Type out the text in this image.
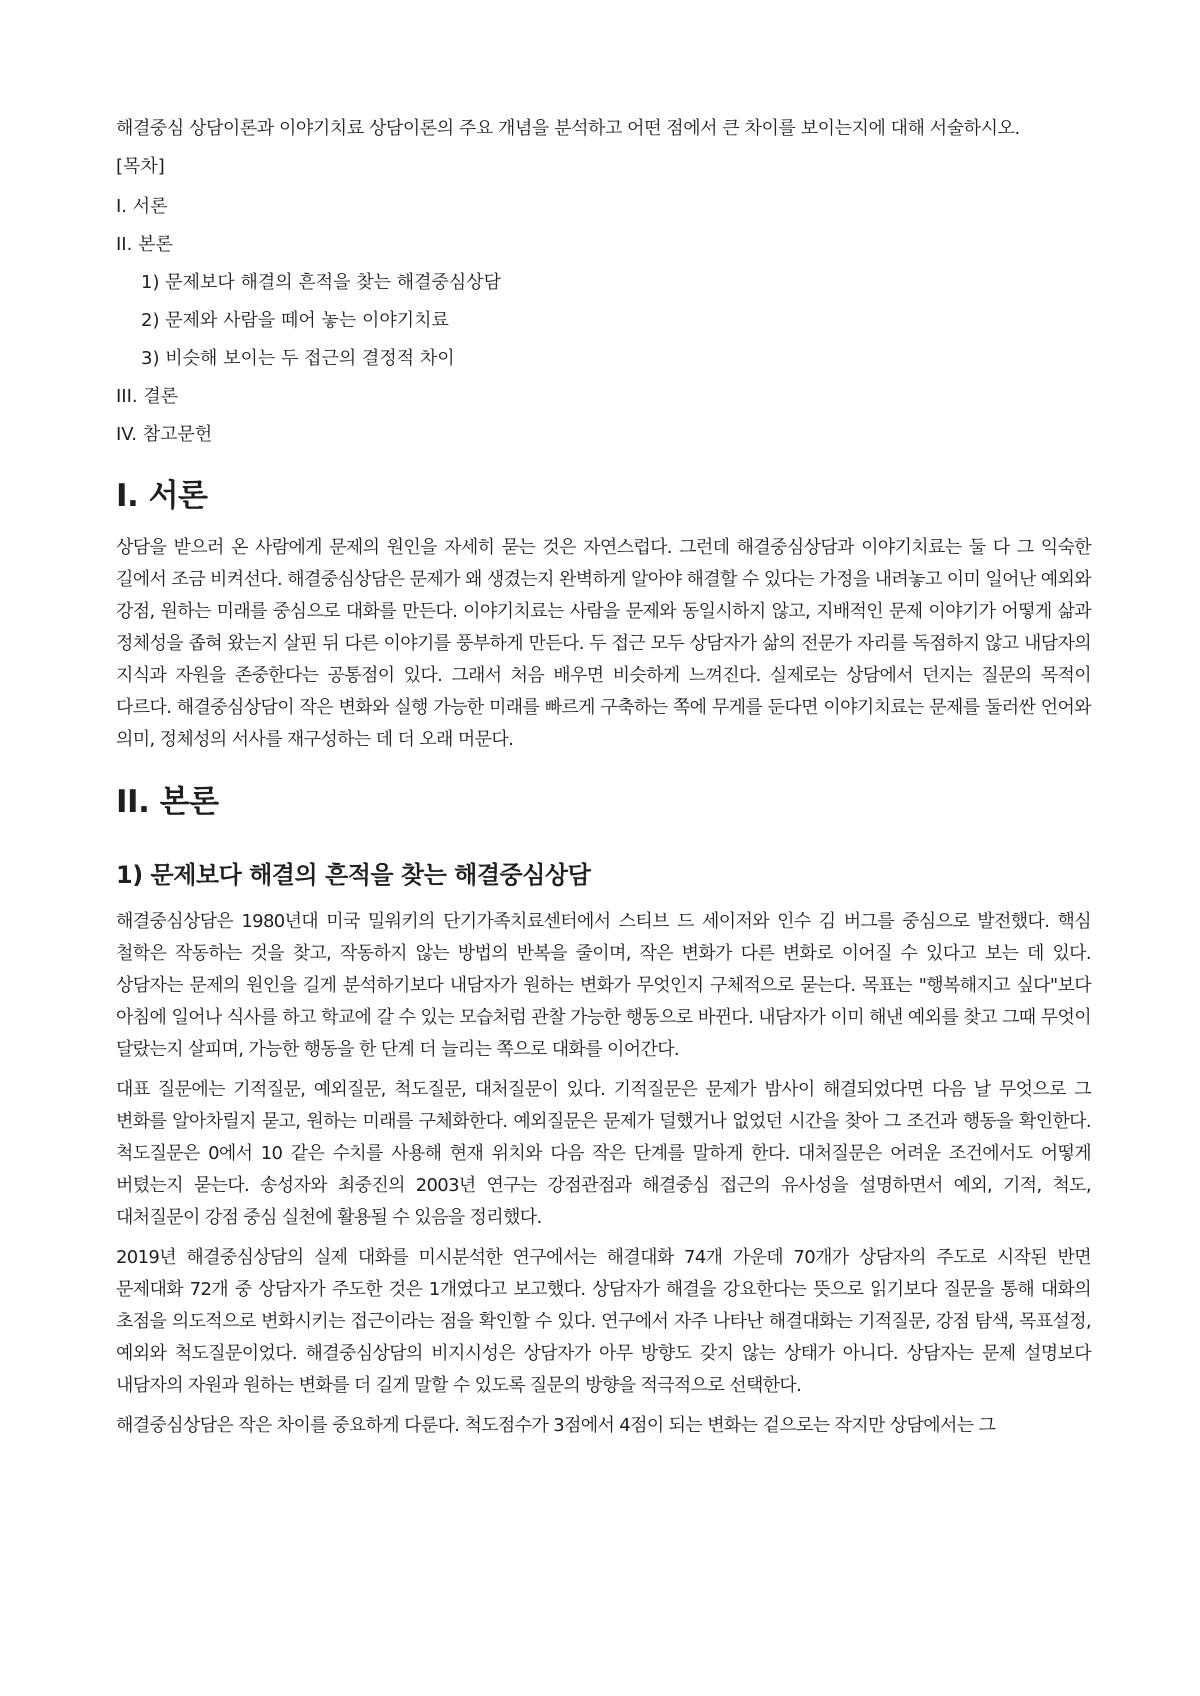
해결중심 상담이론과 이야기치료 상담이론의 주요 개념을 분석하고 어떤 점에서 큰 차이를 보이는지에 대해 서술하시오.

[목차]
I. 서론
II. 본론
1) 문제보다 해결의 흔적을 찾는 해결중심상담
2) 문제와 사람을 떼어 놓는 이야기치료
3) 비슷해 보이는 두 접근의 결정적 차이
III. 결론
IV. 참고문헌
I. 서론

상담을 받으러 온 사람에게 문제의 원인을 자세히 묻는 것은 자연스럽다. 그런데 해결중심상담과 이야기치료는 둘 다 그 익숙한 길에서 조금 비켜선다. 해결중심상담은 문제가 왜 생겼는지 완벽하게 알아야 해결할 수 있다는 가정을 내려놓고 이미 일어난 예외와 강점, 원하는 미래를 중심으로 대화를 만든다. 이야기치료는 사람을 문제와 동일시하지 않고, 지배적인 문제 이야기가 어떻게 삶과 정체성을 좁혀 왔는지 살핀 뒤 다른 이야기를 풍부하게 만든다. 두 접근 모두 상담자가 삶의 전문가 자리를 독점하지 않고 내담자의 지식과 자원을 존중한다는 공통점이 있다. 그래서 처음 배우면 비슷하게 느껴진다. 실제로는 상담에서 던지는 질문의 목적이 다르다. 해결중심상담이 작은 변화와 실행 가능한 미래를 빠르게 구축하는 쪽에 무게를 둔다면 이야기치료는 문제를 둘러싼 언어와 의미, 정체성의 서사를 재구성하는 데 더 오래 머문다.

II. 본론
1) 문제보다 해결의 흔적을 찾는 해결중심상담

해결중심상담은 1980년대 미국 밀워키의 단기가족치료센터에서 스티브 드 세이저와 인수 김 버그를 중심으로 발전했다. 핵심 철학은 작동하는 것을 찾고, 작동하지 않는 방법의 반복을 줄이며, 작은 변화가 다른 변화로 이어질 수 있다고 보는 데 있다. 상담자는 문제의 원인을 길게 분석하기보다 내담자가 원하는 변화가 무엇인지 구체적으로 묻는다. 목표는 "행복해지고 싶다"보다 아침에 일어나 식사를 하고 학교에 갈 수 있는 모습처럼 관찰 가능한 행동으로 바뀐다. 내담자가 이미 해낸 예외를 찾고 그때 무엇이 달랐는지 살피며, 가능한 행동을 한 단계 더 늘리는 쪽으로 대화를 이어간다.

대표 질문에는 기적질문, 예외질문, 척도질문, 대처질문이 있다. 기적질문은 문제가 밤사이 해결되었다면 다음 날 무엇으로 그 변화를 알아차릴지 묻고, 원하는 미래를 구체화한다. 예외질문은 문제가 덜했거나 없었던 시간을 찾아 그 조건과 행동을 확인한다. 척도질문은 0에서 10 같은 수치를 사용해 현재 위치와 다음 작은 단계를 말하게 한다. 대처질문은 어려운 조건에서도 어떻게 버텼는지 묻는다. 송성자와 최중진의 2003년 연구는 강점관점과 해결중심 접근의 유사성을 설명하면서 예외, 기적, 척도, 대처질문이 강점 중심 실천에 활용될 수 있음을 정리했다.

2019년 해결중심상담의 실제 대화를 미시분석한 연구에서는 해결대화 74개 가운데 70개가 상담자의 주도로 시작된 반면 문제대화 72개 중 상담자가 주도한 것은 1개였다고 보고했다. 상담자가 해결을 강요한다는 뜻으로 읽기보다 질문을 통해 대화의 초점을 의도적으로 변화시키는 접근이라는 점을 확인할 수 있다. 연구에서 자주 나타난 해결대화는 기적질문, 강점 탐색, 목표설정, 예외와 척도질문이었다. 해결중심상담의 비지시성은 상담자가 아무 방향도 갖지 않는 상태가 아니다. 상담자는 문제 설명보다 내담자의 자원과 원하는 변화를 더 길게 말할 수 있도록 질문의 방향을 적극적으로 선택한다.

해결중심상담은 작은 차이를 중요하게 다룬다. 척도점수가 3점에서 4점이 되는 변화는 겉으로는 작지만 상담에서는 그
